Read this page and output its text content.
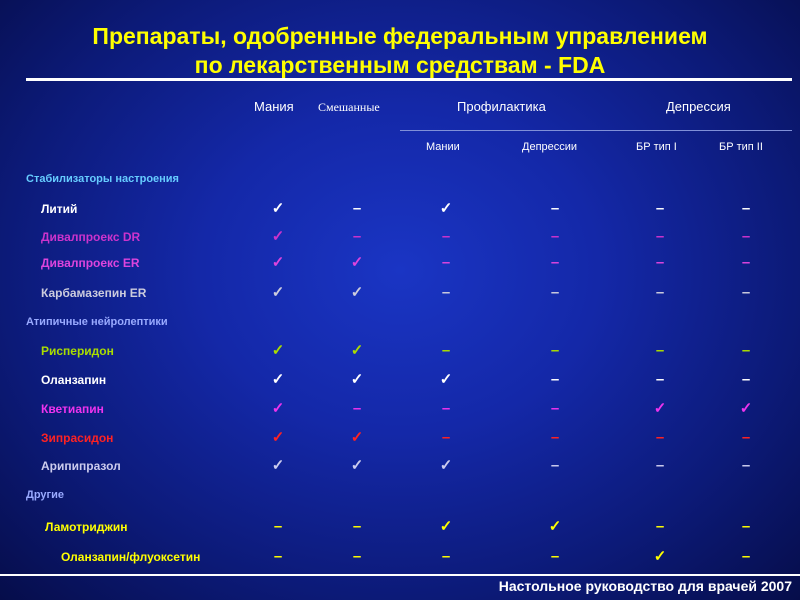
Препараты, одобренные федеральным управлением
по лекарственным средствам - FDA
Мания Смешанные	Профилактика	Депрессия
Мании	Депрессии	БР тип I	БР тип II
Стабилизаторы настроения
Литий	✓	–	✓	–	–	–
Дивалпроекс DR	✓	–	–	–	–	–
Дивалпроекс ER	✓	✓	–	–	–	–
Карбамазепин ER	✓	✓	–	–	–	–
Атипичные нейролептики
Рисперидон	✓	✓	–	–	–	–
Оланзапин	✓	✓	✓	–	–	–
Кветиапин	✓	–	–	–	✓	✓
Зипрасидон	✓	✓	–	–	–	–
Арипипразол	✓	✓	✓	–	–	–
Другие
Ламотриджин	–	–	✓	✓	–	–
Оланзапин/флуоксетин	–	–	–	–	✓	–
Настольное руководство для врачей 2007
